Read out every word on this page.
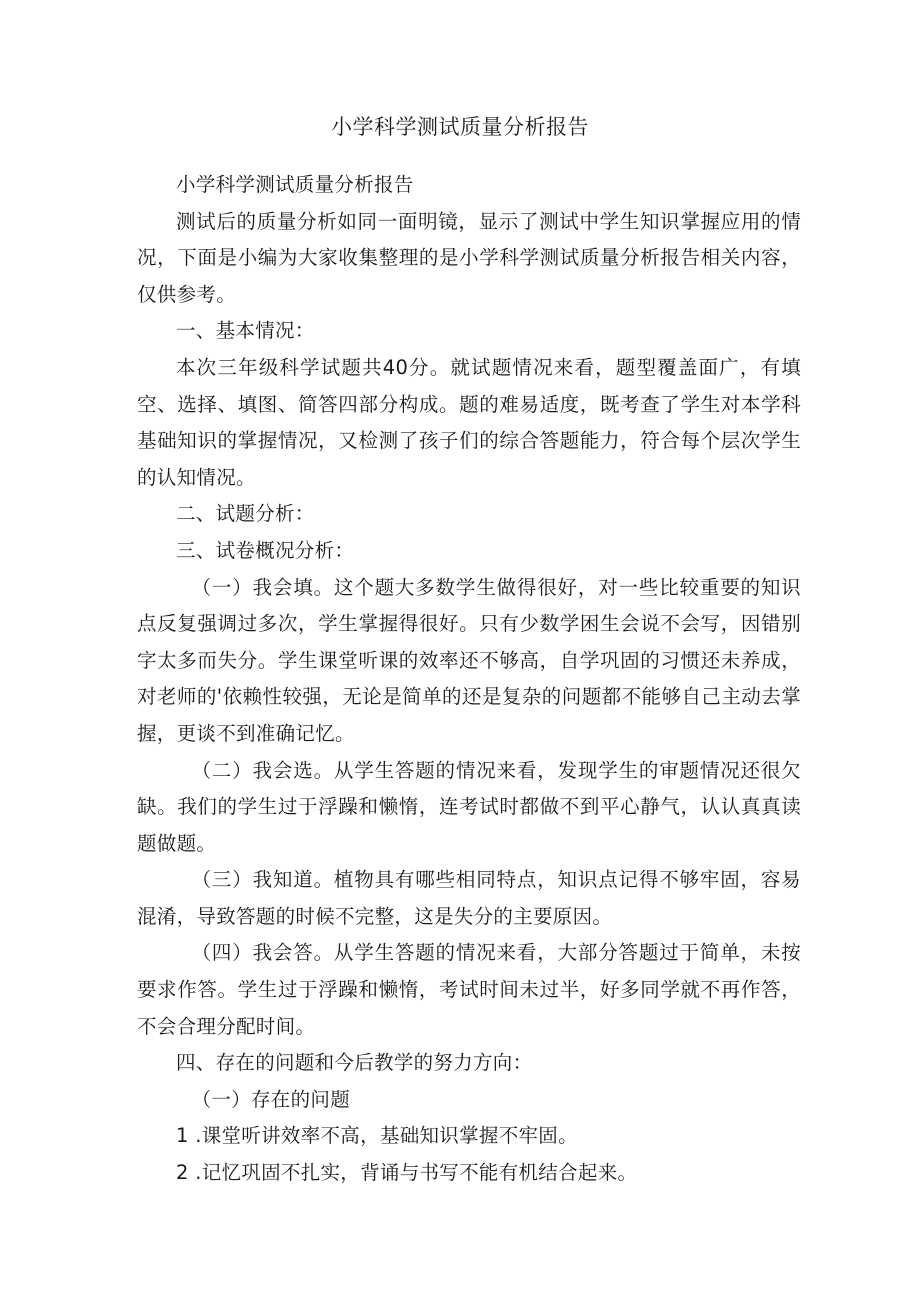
小学科学测试质量分析报告

小学科学测试质量分析报告

测试后的质量分析如同一面明镜，显示了测试中学生知识掌握应用的情况，下面是小编为大家收集整理的是小学科学测试质量分析报告相关内容，仅供参考。

一、基本情况：

本次三年级科学试题共40分。就试题情况来看，题型覆盖面广，有填空、选择、填图、简答四部分构成。题的难易适度，既考查了学生对本学科基础知识的掌握情况，又检测了孩子们的综合答题能力，符合每个层次学生的认知情况。

二、试题分析：

三、试卷概况分析：

（一）我会填。这个题大多数学生做得很好，对一些比较重要的知识点反复强调过多次，学生掌握得很好。只有少数学困生会说不会写，因错别字太多而失分。学生课堂听课的效率还不够高，自学巩固的习惯还未养成，对老师的'依赖性较强，无论是简单的还是复杂的问题都不能够自己主动去掌握，更谈不到准确记忆。

（二）我会选。从学生答题的情况来看，发现学生的审题情况还很欠缺。我们的学生过于浮躁和懒惰，连考试时都做不到平心静气，认认真真读题做题。

（三）我知道。植物具有哪些相同特点，知识点记得不够牢固，容易混淆，导致答题的时候不完整，这是失分的主要原因。

（四）我会答。从学生答题的情况来看，大部分答题过于简单，未按要求作答。学生过于浮躁和懒惰，考试时间未过半，好多同学就不再作答，不会合理分配时间。

四、存在的问题和今后教学的努力方向：

（一）存在的问题

1 .课堂听讲效率不高，基础知识掌握不牢固。

2 .记忆巩固不扎实，背诵与书写不能有机结合起来。
